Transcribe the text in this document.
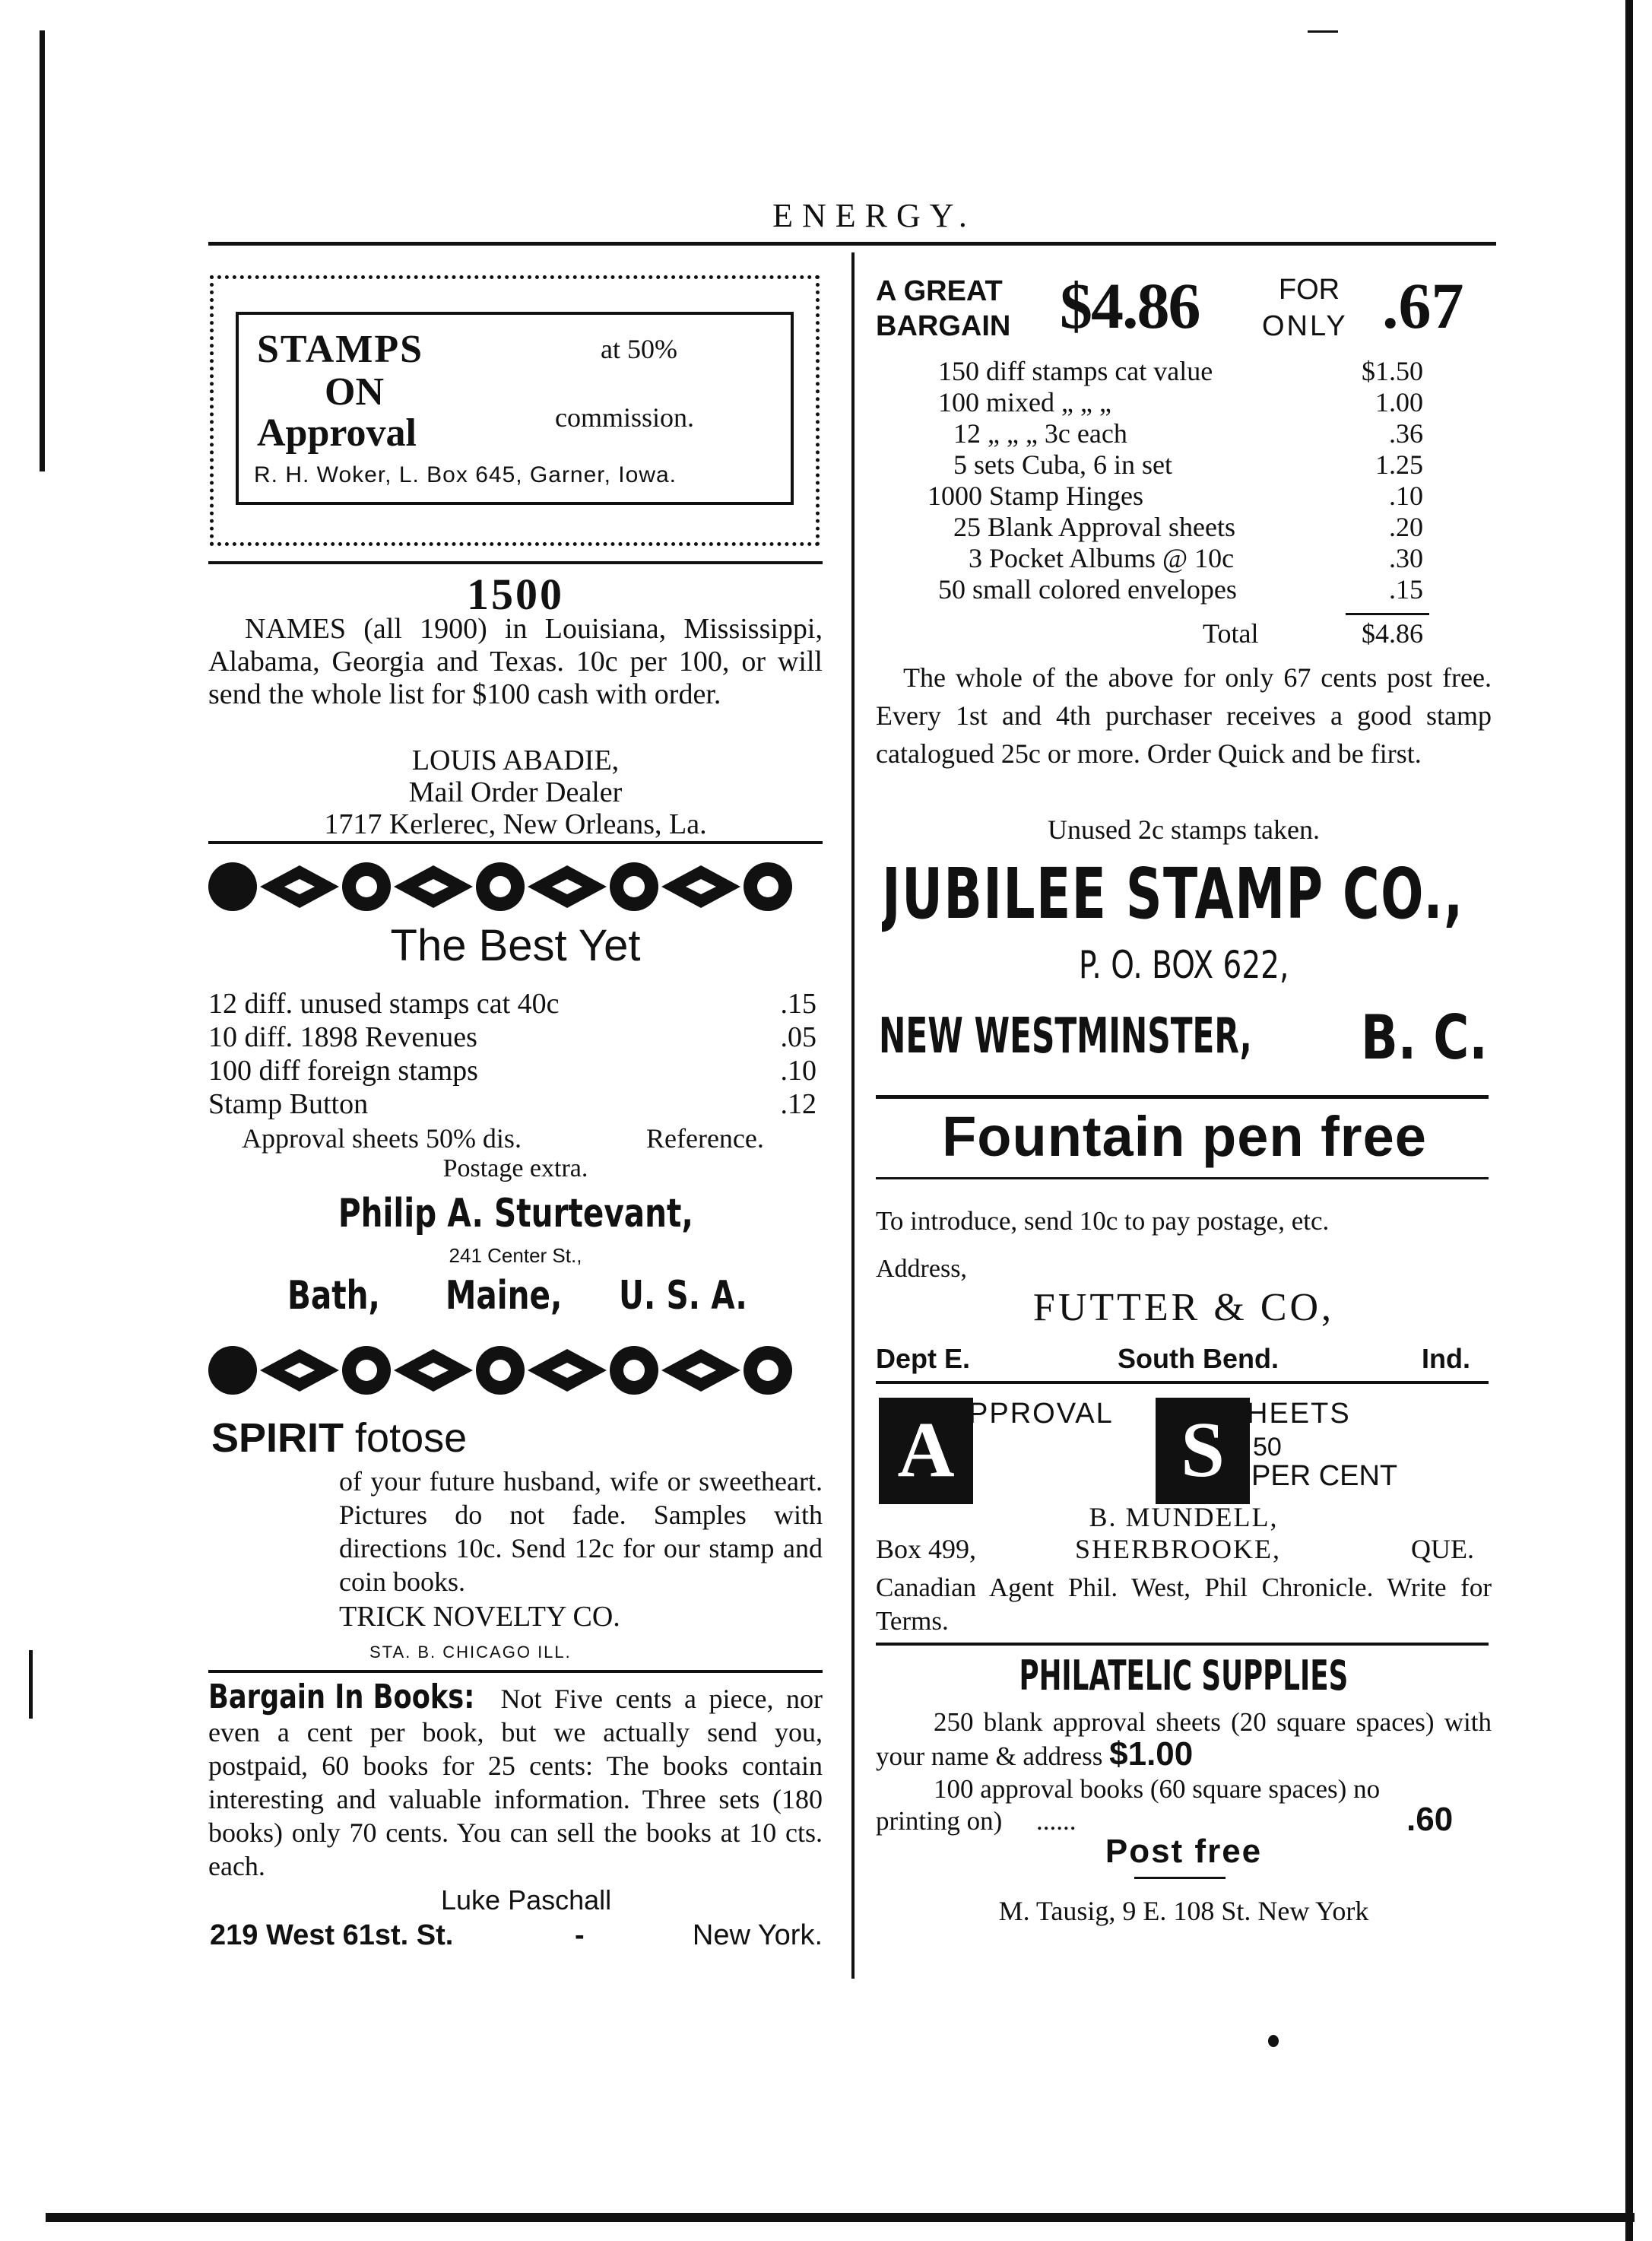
ENERGY.
STAMPS
ON
Approval
at 50%
commission.
R. H. Woker, L. Box 645, Garner, Iowa.
1500
NAMES (all 1900) in Louisiana, Mississippi, Alabama, Georgia and Texas. 10c per 100, or will send the whole list for $100 cash with order.
LOUIS ABADIE,
Mail Order Dealer
1717 Kerlerec, New Orleans, La.
The Best Yet
12 diff. unused stamps cat 40c	.15
10 diff. 1898 Revenues	.05
100 diff foreign stamps	.10
Stamp Button	.12
Approval sheets 50% dis.	Reference.
Postage extra.
Philip A. Sturtevant,
241 Center St.,
Bath, Maine, U. S. A.
SPIRIT fotose
of your future husband, wife or sweetheart. Pictures do not fade. Samples with directions 10c. Send 12c for our stamp and coin books.
TRICK NOVELTY CO.
STA. B. CHICAGO ILL.
Bargain In Books: Not Five cents a piece, nor even a cent per book, but we actually send you, postpaid, 60 books for 25 cents: The books contain interesting and valuable information. Three sets (180 books) only 70 cents. You can sell the books at 10 cts. each.
Luke Paschall
219 West 61st. St.	-	New York.
A GREAT
BARGAIN $4.86	FOR
ONLY .67
150 diff stamps cat value	$1.50
100 mixed „ „ „	1.00
12 „ „ „ 3c each	.36
5 sets Cuba, 6 in set	1.25
1000 Stamp Hinges	.10
25 Blank Approval sheets	.20
3 Pocket Albums @ 10c	.30
50 small colored envelopes	.15
Total	$4.86
The whole of the above for only 67 cents post free. Every 1st and 4th purchaser receives a good stamp catalogued 25c or more. Order Quick and be first.
Unused 2c stamps taken.
JUBILEE STAMP CO.,
P. O. BOX 622,
NEW WESTMINSTER, B. C.
Fountain pen free
To introduce, send 10c to pay postage, etc.
Address,
FUTTER & CO,
Dept E.	South Bend.	Ind.
A PPROVAL S HEETS
50
PER CENT
B. MUNDELL,
Box 499,	SHERBROOKE,	QUE.
Canadian Agent Phil. West, Phil Chronicle. Write for Terms.
PHILATELIC SUPPLIES
250 blank approval sheets (20 square spaces) with your name & address $1.00
100 approval books (60 square spaces) no printing on) ......	.60
Post free
M. Tausig, 9 E. 108 St. New York
